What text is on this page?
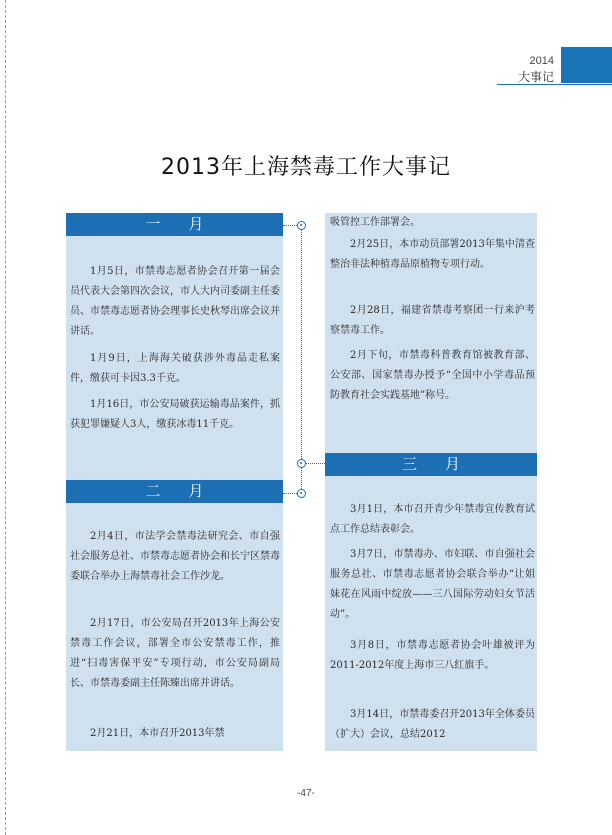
2014
大事记
2013年上海禁毒工作大事记
一月

1月5日，市禁毒志愿者协会召开第一届会员代表大会第四次会议，市人大内司委副主任委员、市禁毒志愿者协会理事长史秋琴出席会议并讲话。

1月9日，上海海关破获涉外毒品走私案件，缴获可卡因3.3千克。

1月16日，市公安局破获运输毒品案件，抓获犯罪嫌疑人3人，缴获冰毒11千克。

二月

2月4日，市法学会禁毒法研究会、市自强社会服务总社、市禁毒志愿者协会和长宁区禁毒委联合举办上海禁毒社会工作沙龙。

2月17日，市公安局召开2013年上海公安禁毒工作会议，部署全市公安禁毒工作，推进“扫毒害保平安”专项行动，市公安局副局长、市禁毒委副主任陈臻出席并讲话。

2月21日，本市召开2013年禁

吸管控工作部署会。

2月25日，本市动员部署2013年集中清查整治非法种植毒品原植物专项行动。

2月28日，福建省禁毒考察团一行来沪考察禁毒工作。

2月下旬，市禁毒科普教育馆被教育部、公安部、国家禁毒办授予“全国中小学毒品预防教育社会实践基地”称号。

三月

3月1日，本市召开青少年禁毒宣传教育试点工作总结表彰会。

3月7日，市禁毒办、市妇联、市自强社会服务总社、市禁毒志愿者协会联合举办“让姐妹花在风雨中绽放——三八国际劳动妇女节活动”。

3月8日，市禁毒志愿者协会叶雄被评为2011-2012年度上海市三八红旗手。

3月14日，市禁毒委召开2013年全体委员（扩大）会议，总结2012

-47-
